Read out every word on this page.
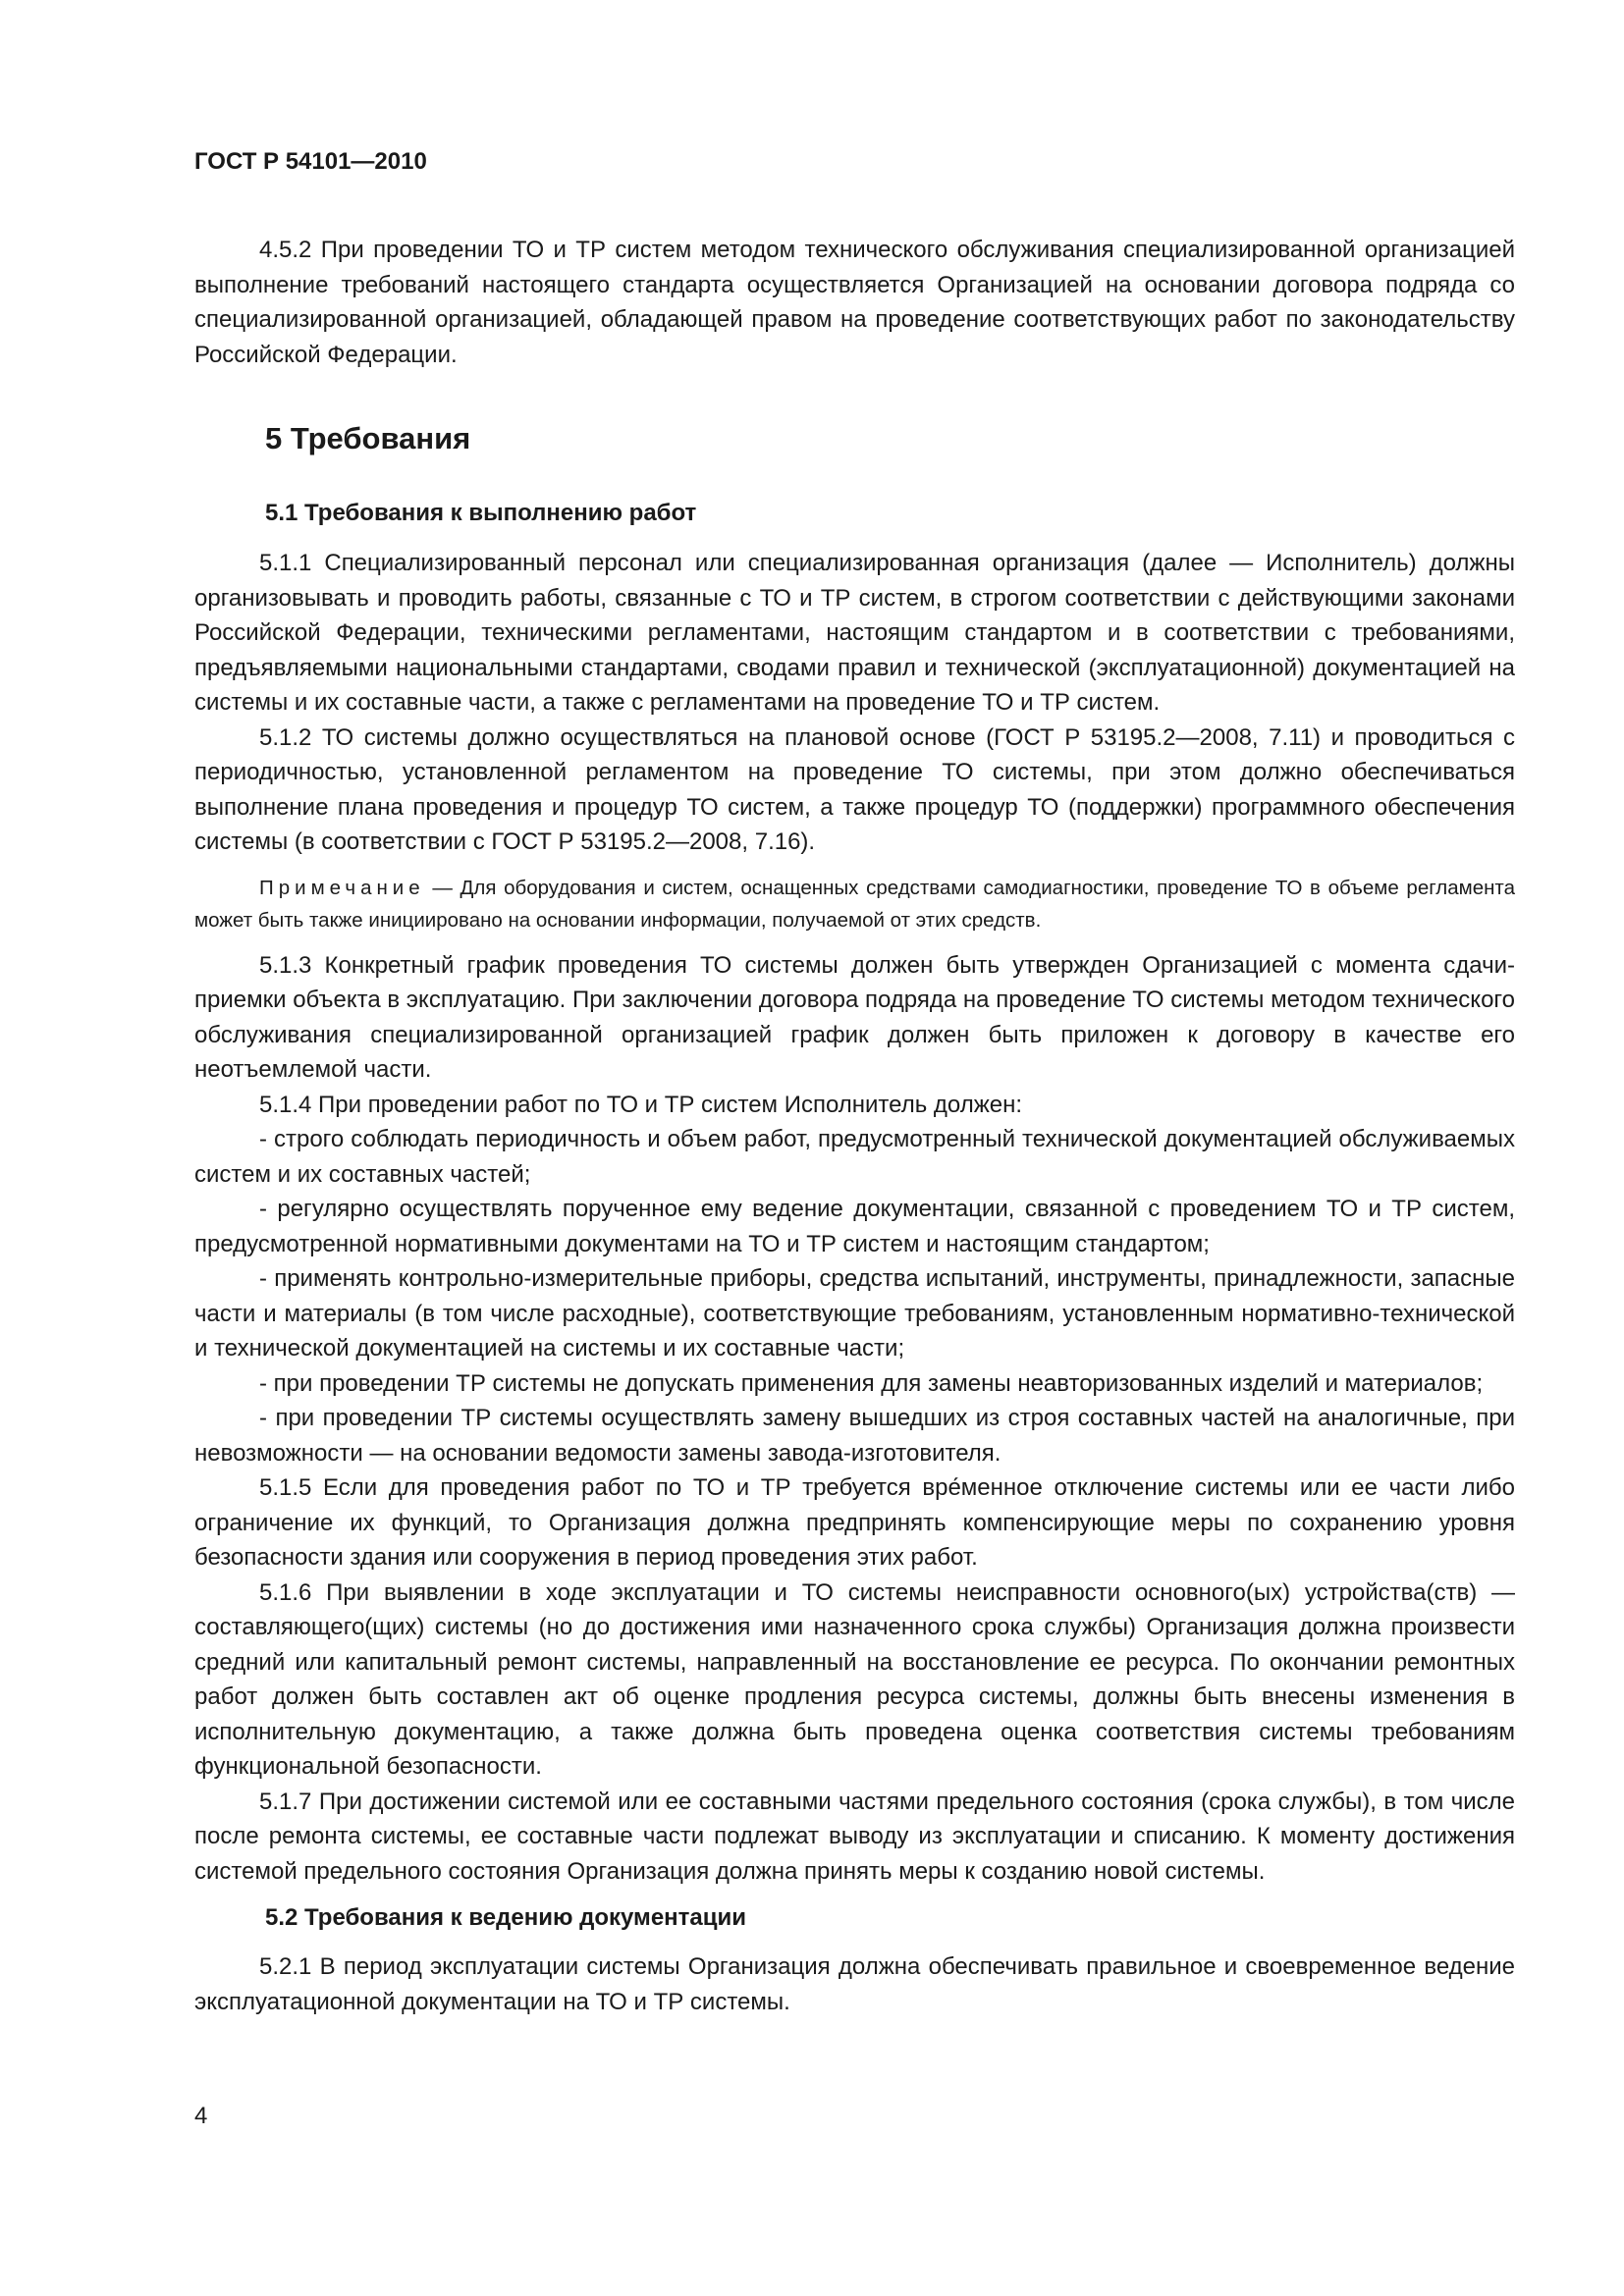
ГОСТ Р 54101—2010

4.5.2 При проведении ТО и ТР систем методом технического обслуживания специализированной организацией выполнение требований настоящего стандарта осуществляется Организацией на основании договора подряда со специализированной организацией, обладающей правом на проведение соответствующих работ по законодательству Российской Федерации.

5 Требования
5.1 Требования к выполнению работ

5.1.1 Специализированный персонал или специализированная организация (далее — Исполнитель) должны организовывать и проводить работы, связанные с ТО и ТР систем, в строгом соответствии с действующими законами Российской Федерации, техническими регламентами, настоящим стандартом и в соответствии с требованиями, предъявляемыми национальными стандартами, сводами правил и технической (эксплуатационной) документацией на системы и их составные части, а также с регламентами на проведение ТО и ТР систем.

5.1.2 ТО системы должно осуществляться на плановой основе (ГОСТ Р 53195.2—2008, 7.11) и проводиться с периодичностью, установленной регламентом на проведение ТО системы, при этом должно обеспечиваться выполнение плана проведения и процедур ТО систем, а также процедур ТО (поддержки) программного обеспечения системы (в соответствии с ГОСТ Р 53195.2—2008, 7.16).

Примечание — Для оборудования и систем, оснащенных средствами самодиагностики, проведение ТО в объеме регламента может быть также инициировано на основании информации, получаемой от этих средств.

5.1.3 Конкретный график проведения ТО системы должен быть утвержден Организацией с момента сдачи-приемки объекта в эксплуатацию. При заключении договора подряда на проведение ТО системы методом технического обслуживания специализированной организацией график должен быть приложен к договору в качестве его неотъемлемой части.

5.1.4 При проведении работ по ТО и ТР систем Исполнитель должен:

- строго соблюдать периодичность и объем работ, предусмотренный технической документацией обслуживаемых систем и их составных частей;

- регулярно осуществлять порученное ему ведение документации, связанной с проведением ТО и ТР систем, предусмотренной нормативными документами на ТО и ТР систем и настоящим стандартом;

- применять контрольно-измерительные приборы, средства испытаний, инструменты, принадлежности, запасные части и материалы (в том числе расходные), соответствующие требованиям, установленным нормативно-технической и технической документацией на системы и их составные части;

- при проведении ТР системы не допускать применения для замены неавторизованных изделий и материалов;

- при проведении ТР системы осуществлять замену вышедших из строя составных частей на аналогичные, при невозможности — на основании ведомости замены завода-изготовителя.

5.1.5 Если для проведения работ по ТО и ТР требуется вре́менное отключение системы или ее части либо ограничение их функций, то Организация должна предпринять компенсирующие меры по сохранению уровня безопасности здания или сооружения в период проведения этих работ.

5.1.6 При выявлении в ходе эксплуатации и ТО системы неисправности основного(ых) устройства(ств) — составляющего(щих) системы (но до достижения ими назначенного срока службы) Организация должна произвести средний или капитальный ремонт системы, направленный на восстановление ее ресурса. По окончании ремонтных работ должен быть составлен акт об оценке продления ресурса системы, должны быть внесены изменения в исполнительную документацию, а также должна быть проведена оценка соответствия системы требованиям функциональной безопасности.

5.1.7 При достижении системой или ее составными частями предельного состояния (срока службы), в том числе после ремонта системы, ее составные части подлежат выводу из эксплуатации и списанию. К моменту достижения системой предельного состояния Организация должна принять меры к созданию новой системы.

5.2 Требования к ведению документации

5.2.1 В период эксплуатации системы Организация должна обеспечивать правильное и своевременное ведение эксплуатационной документации на ТО и ТР системы.

4
